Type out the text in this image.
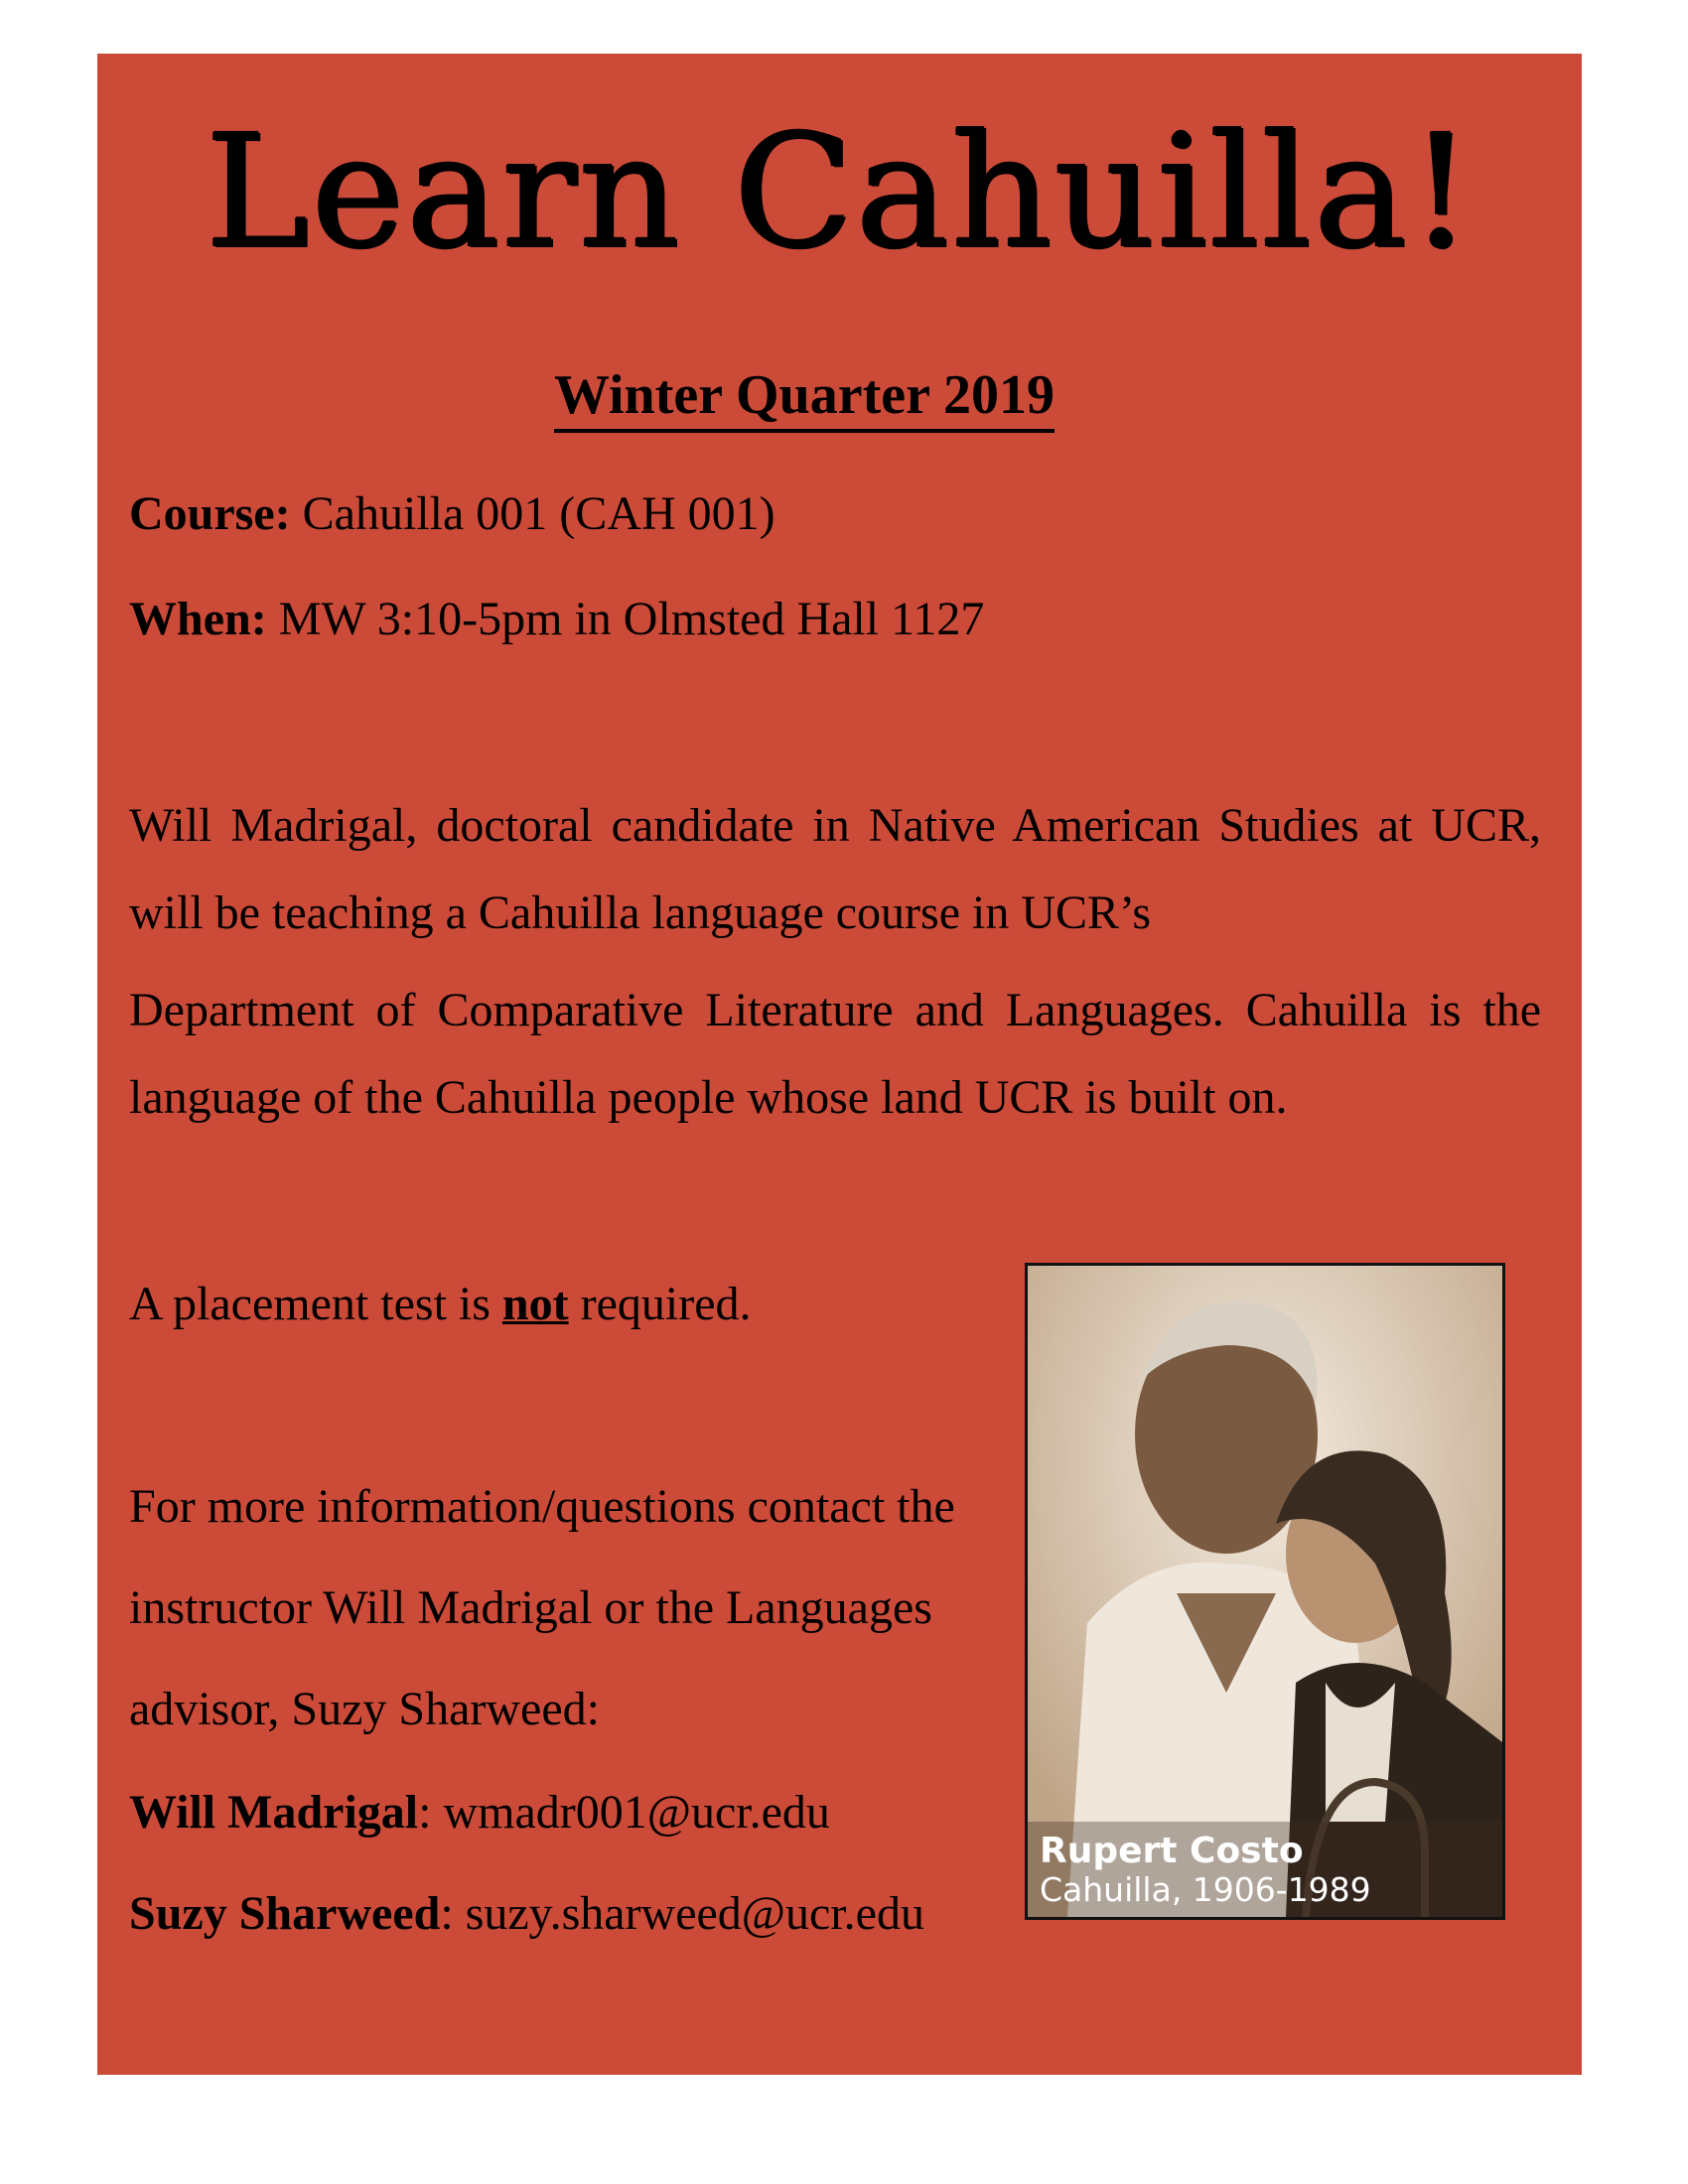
Learn Cahuilla!
Winter Quarter 2019
Course: Cahuilla 001 (CAH 001)
When: MW 3:10-5pm in Olmsted Hall 1127
Will Madrigal, doctoral candidate in Native American Studies at UCR,
will be teaching a Cahuilla language course in UCR’s
Department of Comparative Literature and Languages. Cahuilla is the
language of the Cahuilla people whose land UCR is built on.
A placement test is not required.
For more information/questions contact the
instructor Will Madrigal or the Languages
advisor, Suzy Sharweed:
Will Madrigal: wmadr001@ucr.edu
Suzy Sharweed: suzy.sharweed@ucr.edu
Rupert Costo
Cahuilla, 1906-1989
